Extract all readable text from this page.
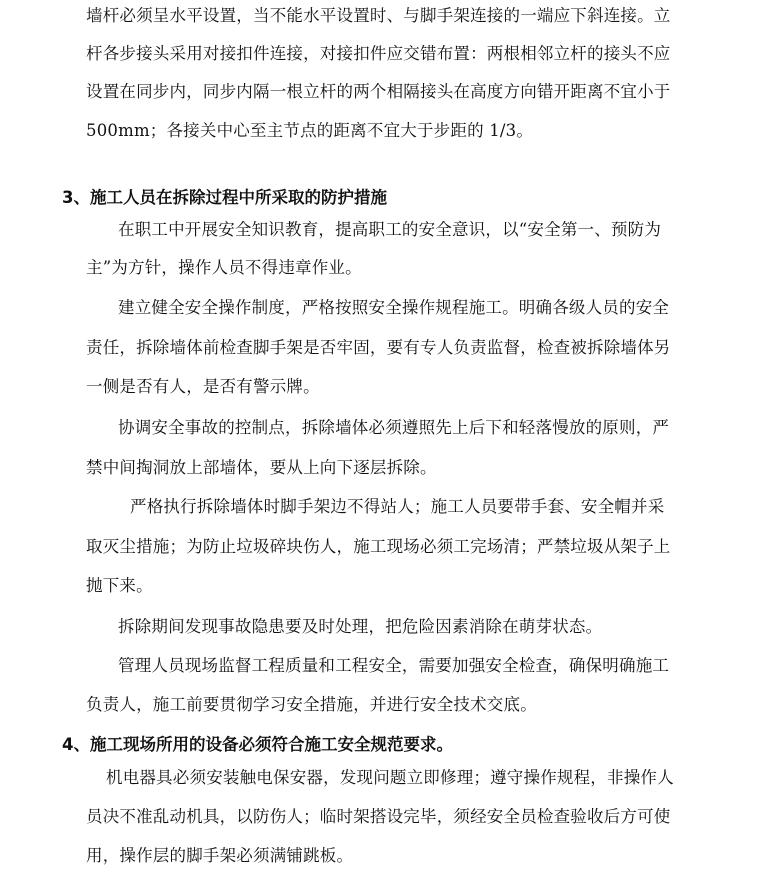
墙杆必须呈水平设置，当不能水平设置时、与脚手架连接的一端应下斜连接。立
杆各步接头采用对接扣件连接，对接扣件应交错布置：两根相邻立杆的接头不应
设置在同步内，同步内隔一根立杆的两个相隔接头在高度方向错开距离不宜小于
500mm；各接关中心至主节点的距离不宜大于步距的 1/3。
3、施工人员在拆除过程中所采取的防护措施
在职工中开展安全知识教育，提高职工的安全意识，以“安全第一、预防为
主”为方针，操作人员不得违章作业。
建立健全安全操作制度，严格按照安全操作规程施工。明确各级人员的安全
责任，拆除墙体前检查脚手架是否牢固，要有专人负责监督，检查被拆除墙体另
一侧是否有人，是否有警示牌。
协调安全事故的控制点，拆除墙体必须遵照先上后下和轻落慢放的原则，严
禁中间掏洞放上部墙体，要从上向下逐层拆除。
严格执行拆除墙体时脚手架边不得站人；施工人员要带手套、安全帽并采
取灭尘措施；为防止垃圾碎块伤人，施工现场必须工完场清；严禁垃圾从架子上
抛下来。
拆除期间发现事故隐患要及时处理，把危险因素消除在萌芽状态。
管理人员现场监督工程质量和工程安全，需要加强安全检查，确保明确施工
负责人，施工前要贯彻学习安全措施，并进行安全技术交底。
4、施工现场所用的设备必须符合施工安全规范要求。
机电器具必须安装触电保安器，发现问题立即修理；遵守操作规程，非操作人
员决不准乱动机具，以防伤人；临时架搭设完毕，须经安全员检查验收后方可使
用，操作层的脚手架必须满铺跳板。
